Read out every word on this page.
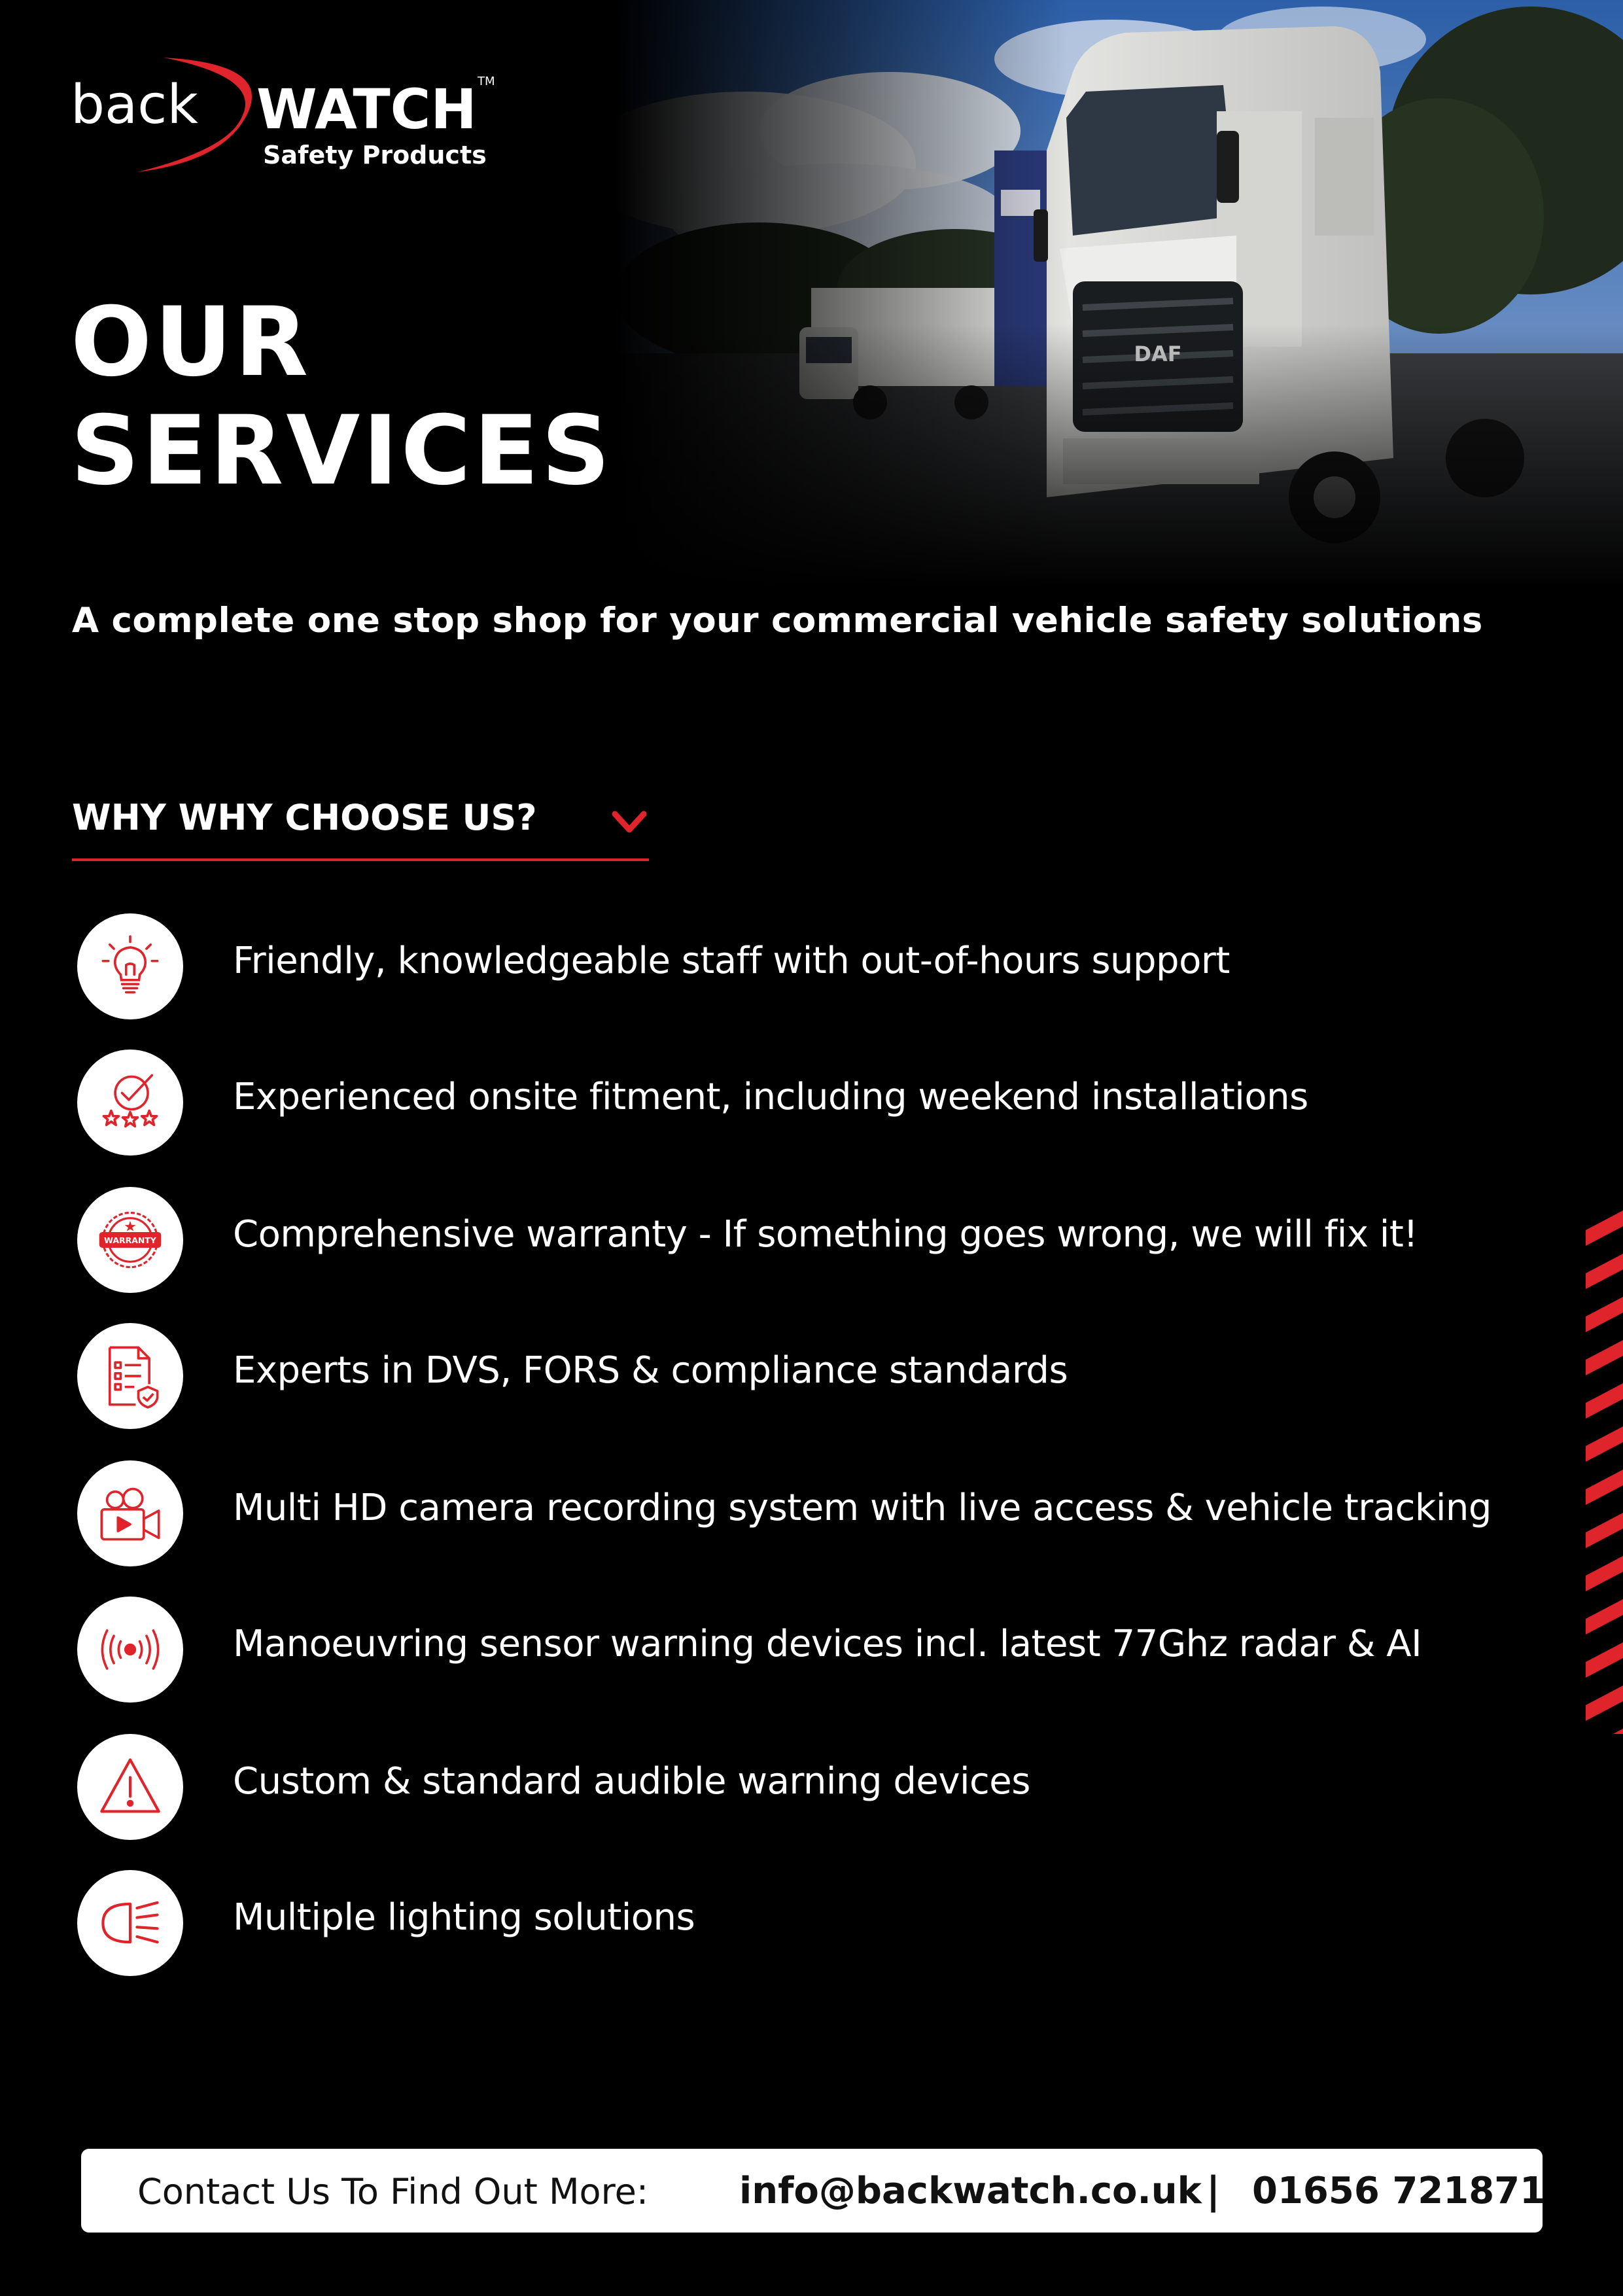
back WATCH TM
Safety Products
OUR
SERVICES

A complete one stop shop for your commercial vehicle safety solutions

WHY WHY CHOOSE US?
Friendly, knowledgeable staff with out-of-hours support
Experienced onsite fitment, including weekend installations
WARRANTY Comprehensive warranty - If something goes wrong, we will fix it!
Experts in DVS, FORS & compliance standards
Multi HD camera recording system with live access & vehicle tracking
Manoeuvring sensor warning devices incl. latest 77Ghz radar & AI
Custom & standard audible warning devices
Multiple lighting solutions
Contact Us To Find Out More: info@backwatch.co.uk | 01656 721871
